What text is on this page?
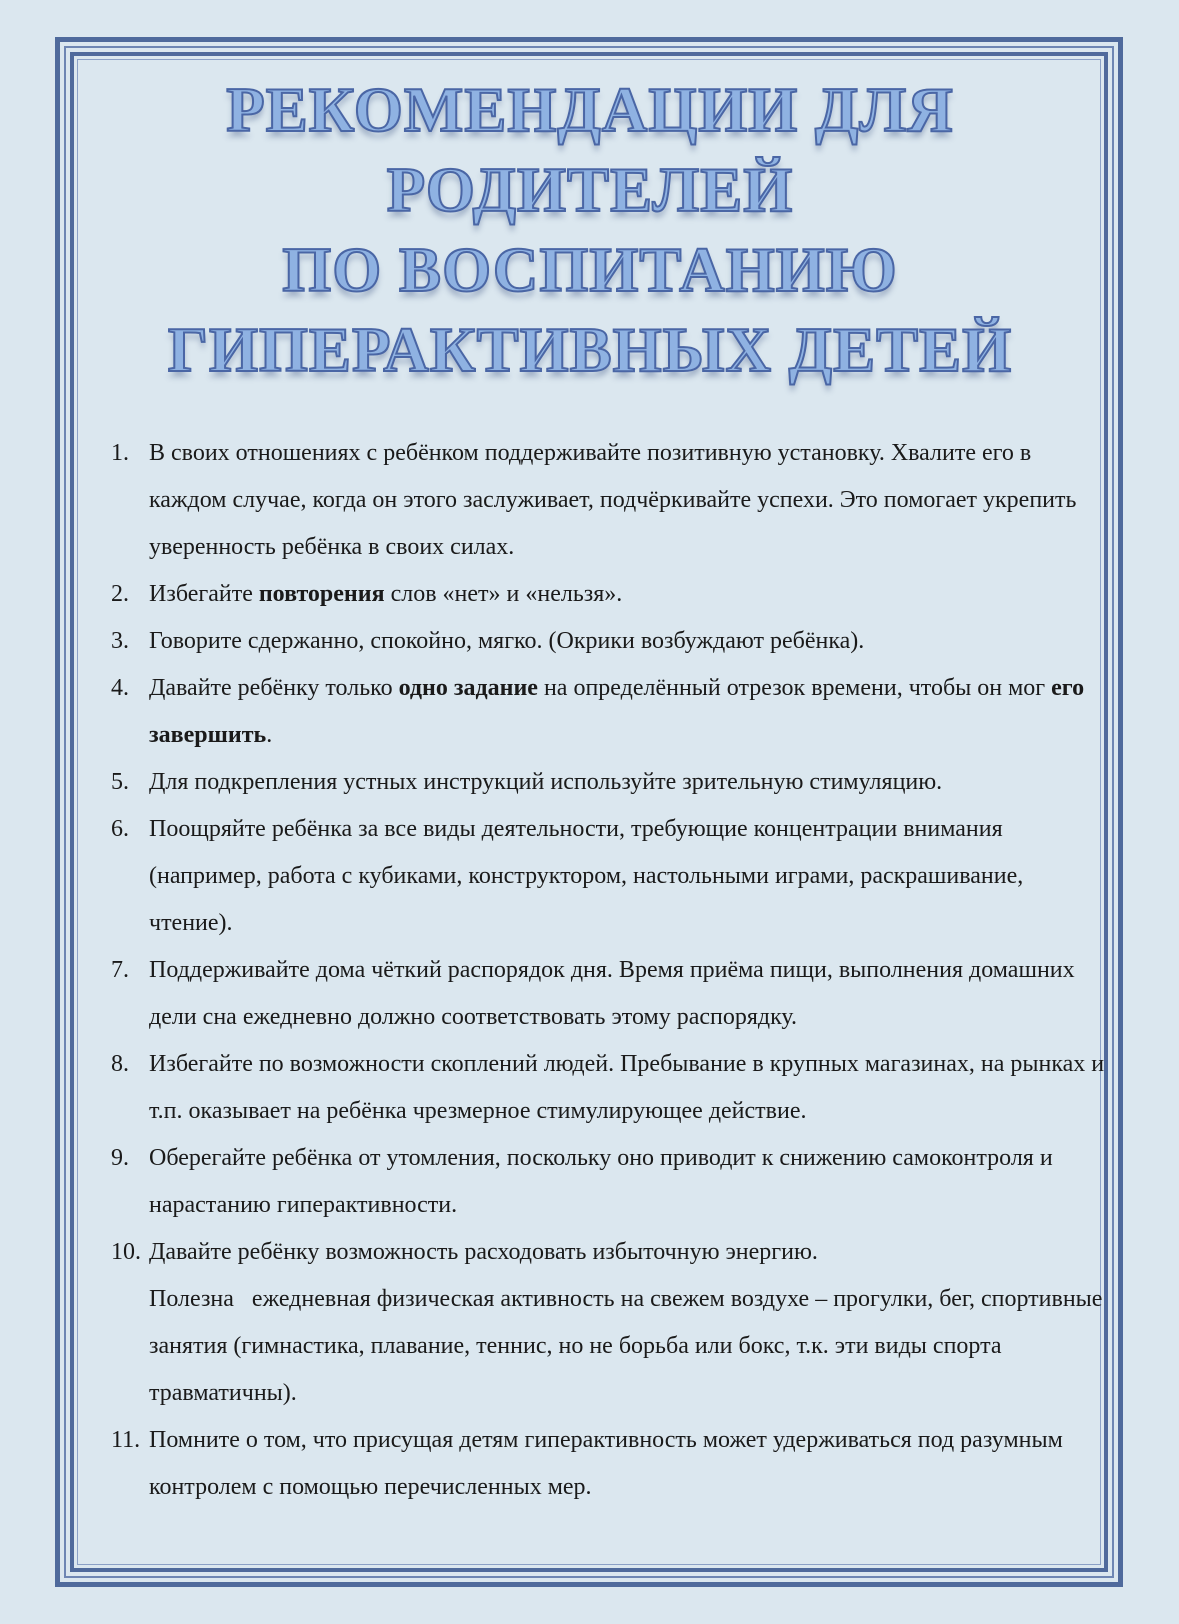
РЕКОМЕНДАЦИИ ДЛЯ РОДИТЕЛЕЙ
ПО ВОСПИТАНИЮ
ГИПЕРАКТИВНЫХ ДЕТЕЙ
1. В своих отношениях с ребёнком поддерживайте позитивную установку. Хвалите его в каждом случае, когда он этого заслуживает, подчёркивайте успехи. Это помогает укрепить уверенность ребёнка в своих силах.
2. Избегайте повторения слов «нет» и «нельзя».
3. Говорите сдержанно, спокойно, мягко. (Окрики возбуждают ребёнка).
4. Давайте ребёнку только одно задание на определённый отрезок времени, чтобы он мог его завершить.
5. Для подкрепления устных инструкций используйте зрительную стимуляцию.
6. Поощряйте ребёнка за все виды деятельности, требующие концентрации внимания (например, работа с кубиками, конструктором, настольными играми, раскрашивание, чтение).
7. Поддерживайте дома чёткий распорядок дня. Время приёма пищи, выполнения домашних дели сна ежедневно должно соответствовать этому распорядку.
8. Избегайте по возможности скоплений людей. Пребывание в крупных магазинах, на рынках и т.п. оказывает на ребёнка чрезмерное стимулирующее действие.
9. Оберегайте ребёнка от утомления, поскольку оно приводит к снижению самоконтроля и нарастанию гиперактивности.
10. Давайте ребёнку возможность расходовать избыточную энергию.
Полезна   ежедневная физическая активность на свежем воздухе – прогулки, бег, спортивные занятия (гимнастика, плавание, теннис, но не борьба или бокс, т.к. эти виды спорта травматичны).
11. Помните о том, что присущая детям гиперактивность может удерживаться под разумным контролем с помощью перечисленных мер.
